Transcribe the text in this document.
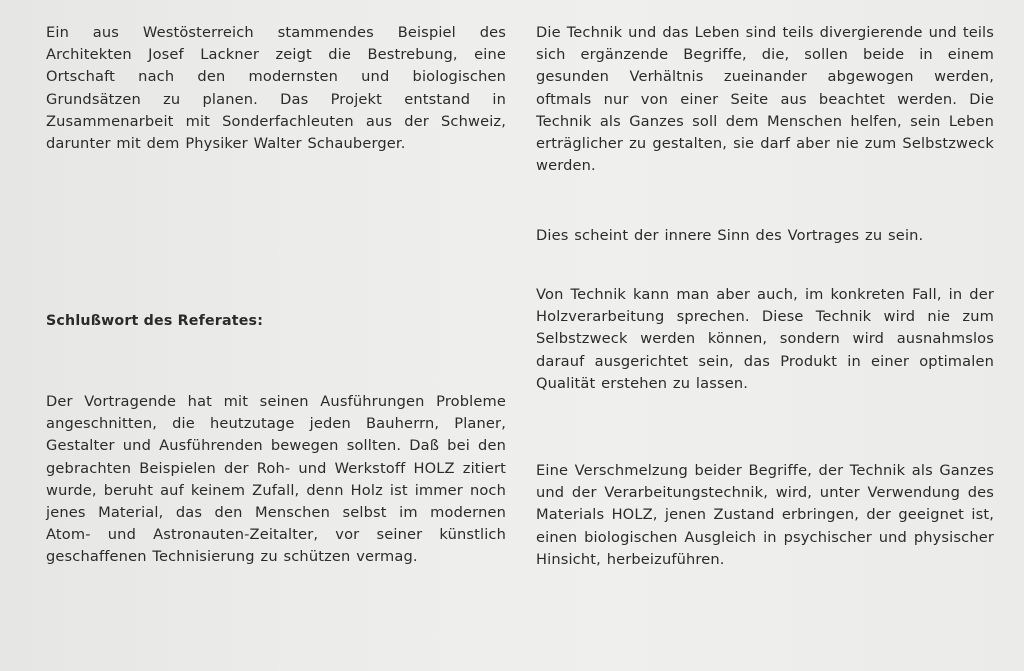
Ein aus Westösterreich stammendes Beispiel des Architekten Josef Lackner zeigt die Bestrebung, eine Ortschaft nach den modernsten und biologischen Grundsätzen zu planen. Das Projekt entstand in Zusammenarbeit mit Sonderfachleuten aus der Schweiz, darunter mit dem Physiker Walter Schauberger.

Der Vortragende hat mit seinen Ausführungen Probleme angeschnitten, die heutzutage jeden Bauherrn, Planer, Gestalter und Ausführenden bewegen sollten. Daß bei den gebrachten Beispielen der Roh- und Werkstoff HOLZ zitiert wurde, beruht auf keinem Zufall, denn Holz ist immer noch jenes Material, das den Menschen selbst im modernen Atom- und Astronauten-Zeitalter, vor seiner künstlich geschaffenen Technisierung zu schützen vermag.

Schlußwort des Referates:

Die Technik und das Leben sind teils divergierende und teils sich ergänzende Begriffe, die, sollen beide in einem gesunden Verhältnis zueinander abgewogen werden, oftmals nur von einer Seite aus beachtet werden. Die Technik als Ganzes soll dem Menschen helfen, sein Leben erträglicher zu gestalten, sie darf aber nie zum Selbstzweck werden.

Dies scheint der innere Sinn des Vortrages zu sein.

Von Technik kann man aber auch, im konkreten Fall, in der Holzverarbeitung sprechen. Diese Technik wird nie zum Selbstzweck werden können, sondern wird ausnahmslos darauf ausgerichtet sein, das Produkt in einer optimalen Qualität erstehen zu lassen.

Eine Verschmelzung beider Begriffe, der Technik als Ganzes und der Verarbeitungstechnik, wird, unter Verwendung des Materials HOLZ, jenen Zustand erbringen, der geeignet ist, einen biologischen Ausgleich in psychischer und physischer Hinsicht, herbeizuführen.
